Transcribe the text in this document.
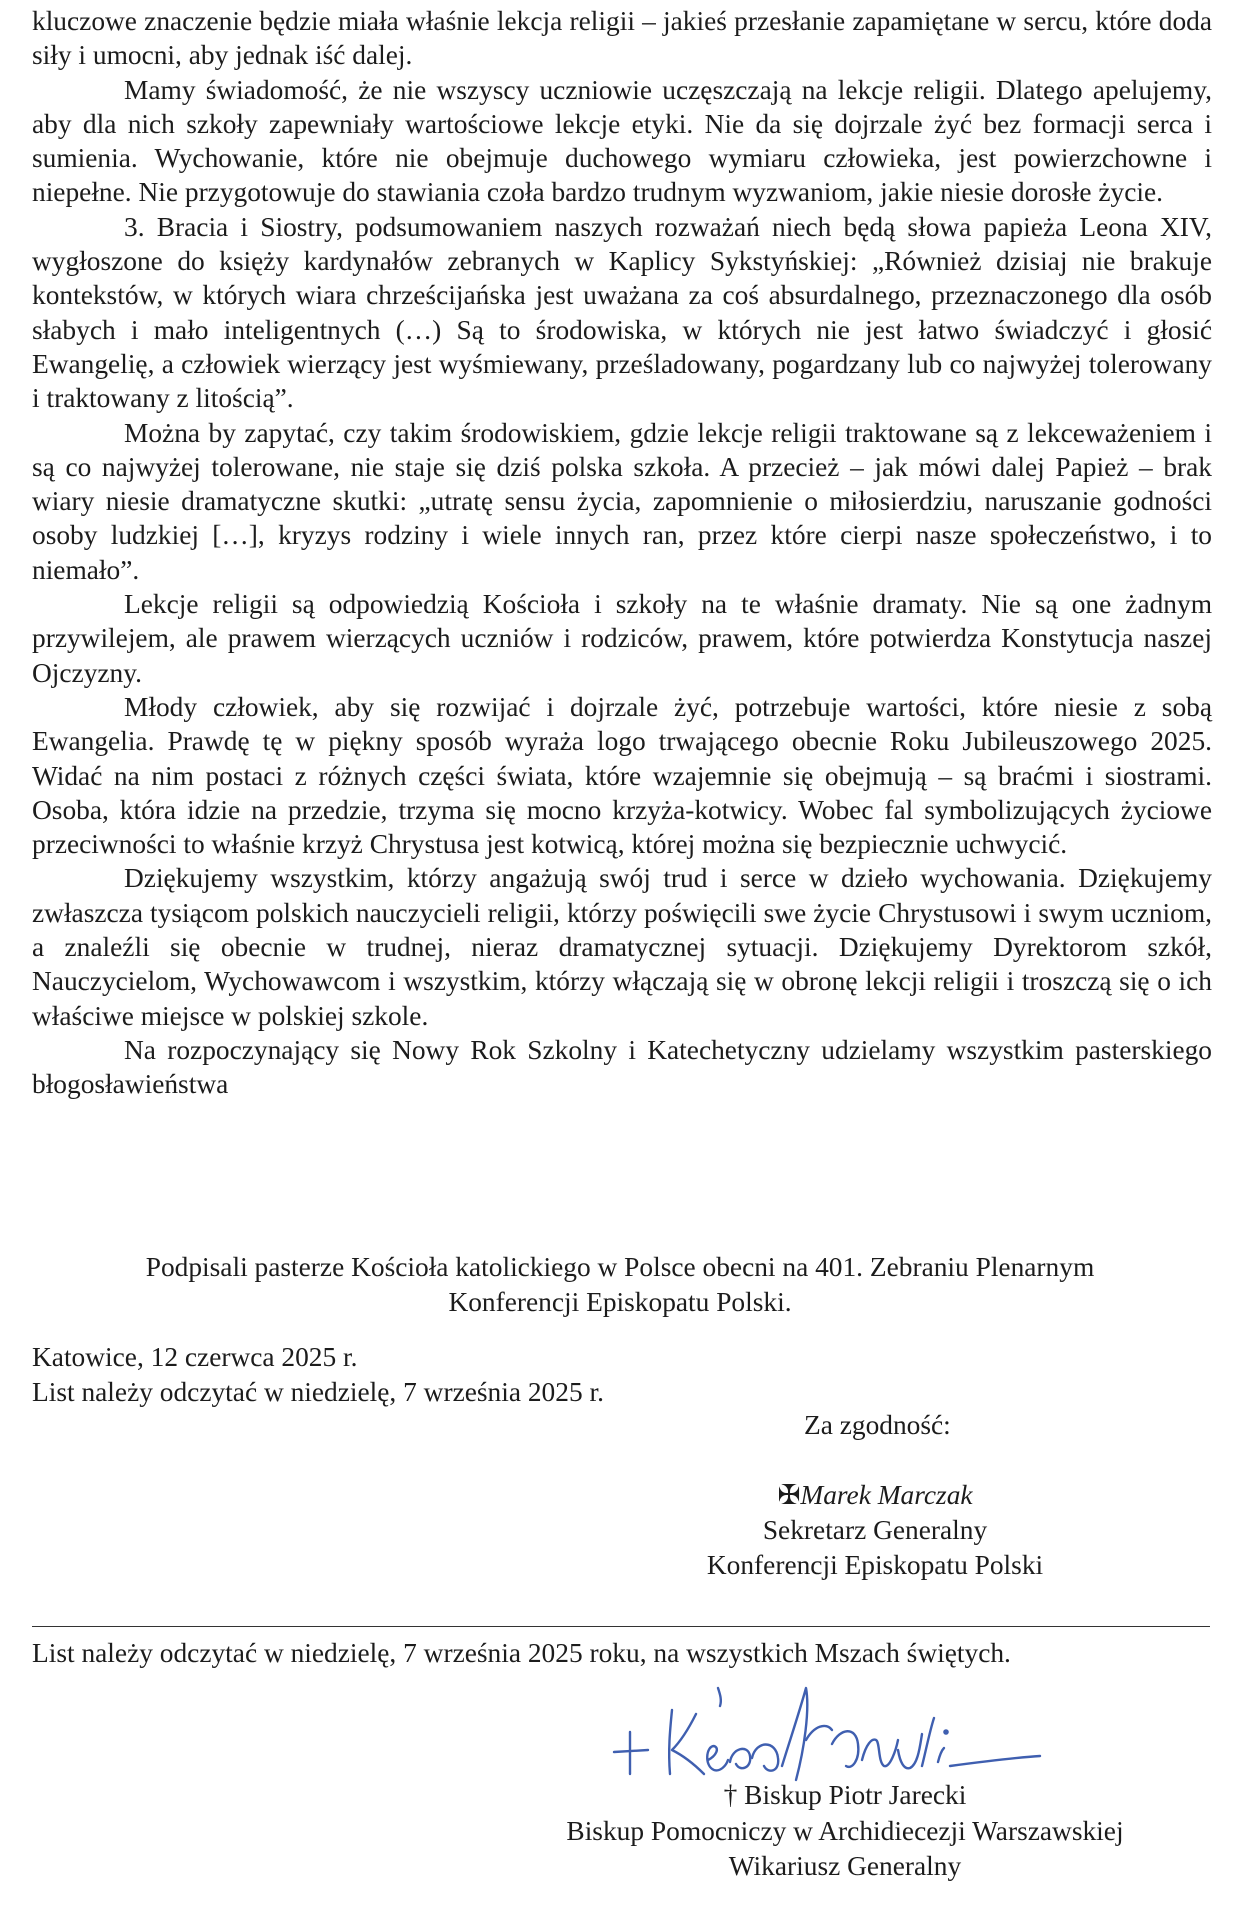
kluczowe znaczenie będzie miała właśnie lekcja religii – jakieś przesłanie zapamiętane w sercu, które doda siły i umocni, aby jednak iść dalej.

Mamy świadomość, że nie wszyscy uczniowie uczęszczają na lekcje religii. Dlatego apelujemy, aby dla nich szkoły zapewniały wartościowe lekcje etyki. Nie da się dojrzale żyć bez formacji serca i sumienia. Wychowanie, które nie obejmuje duchowego wymiaru człowieka, jest powierzchowne i niepełne. Nie przygotowuje do stawiania czoła bardzo trudnym wyzwaniom, jakie niesie dorosłe życie.

3. Bracia i Siostry, podsumowaniem naszych rozważań niech będą słowa papieża Leona XIV, wygłoszone do księży kardynałów zebranych w Kaplicy Sykstyńskiej: „Również dzisiaj nie brakuje kontekstów, w których wiara chrześcijańska jest uważana za coś absurdalnego, przeznaczonego dla osób słabych i mało inteligentnych (…) Są to środowiska, w których nie jest łatwo świadczyć i głosić Ewangelię, a człowiek wierzący jest wyśmiewany, prześladowany, pogardzany lub co najwyżej tolerowany i traktowany z litością”.

Można by zapytać, czy takim środowiskiem, gdzie lekcje religii traktowane są z lekceważeniem i są co najwyżej tolerowane, nie staje się dziś polska szkoła. A przecież – jak mówi dalej Papież – brak wiary niesie dramatyczne skutki: „utratę sensu życia, zapomnienie o miłosierdziu, naruszanie godności osoby ludzkiej […], kryzys rodziny i wiele innych ran, przez które cierpi nasze społeczeństwo, i to niemało”.

Lekcje religii są odpowiedzią Kościoła i szkoły na te właśnie dramaty. Nie są one żadnym przywilejem, ale prawem wierzących uczniów i rodziców, prawem, które potwierdza Konstytucja naszej Ojczyzny.

Młody człowiek, aby się rozwijać i dojrzale żyć, potrzebuje wartości, które niesie z sobą Ewangelia. Prawdę tę w piękny sposób wyraża logo trwającego obecnie Roku Jubileuszowego 2025. Widać na nim postaci z różnych części świata, które wzajemnie się obejmują – są braćmi i siostrami. Osoba, która idzie na przedzie, trzyma się mocno krzyża-kotwicy. Wobec fal symbolizujących życiowe przeciwności to właśnie krzyż Chrystusa jest kotwicą, której można się bezpiecznie uchwycić.

Dziękujemy wszystkim, którzy angażują swój trud i serce w dzieło wychowania. Dziękujemy zwłaszcza tysiącom polskich nauczycieli religii, którzy poświęcili swe życie Chrystusowi i swym uczniom, a znaleźli się obecnie w trudnej, nieraz dramatycznej sytuacji. Dziękujemy Dyrektorom szkół, Nauczycielom, Wychowawcom i wszystkim, którzy włączają się w obronę lekcji religii i troszczą się o ich właściwe miejsce w polskiej szkole.

Na rozpoczynający się Nowy Rok Szkolny i Katechetyczny udzielamy wszystkim pasterskiego błogosławieństwa

Podpisali pasterze Kościoła katolickiego w Polsce obecni na 401. Zebraniu Plenarnym
Konferencji Episkopatu Polski.
Katowice, 12 czerwca 2025 r.
List należy odczytać w niedzielę, 7 września 2025 r.
Za zgodność:
✠Marek Marczak
Sekretarz Generalny
Konferencji Episkopatu Polski
List należy odczytać w niedzielę, 7 września 2025 roku, na wszystkich Mszach świętych.
† Biskup Piotr Jarecki
Biskup Pomocniczy w Archidiecezji Warszawskiej
Wikariusz Generalny
